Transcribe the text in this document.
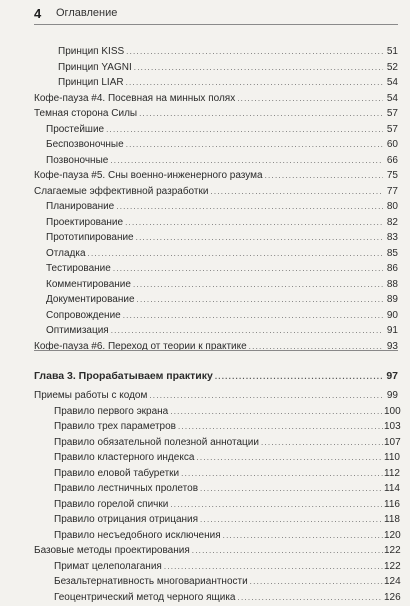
4 Оглавление
Принцип KISS . . .	51
Принцип YAGNI . . .	52
Принцип LIAR . . .	54
Кофе-пауза #4. Посевная на минных полях . . .	54
Темная сторона Силы . . .	57
Простейшие . . .	57
Беспозвоночные . . .	60
Позвоночные . . .	66
Кофе-пауза #5. Сны военно-инженерного разума . . .	75
Слагаемые эффективной разработки . . .	77
Планирование . . .	80
Проектирование . . .	82
Прототипирование . . .	83
Отладка . . .	85
Тестирование . . .	86
Комментирование . . .	88
Документирование . . .	89
Сопровождение . . .	90
Оптимизация . . .	91
Кофе-пауза #6. Переход от теории к практике . . .	93
Глава 3. Прорабатываем практику . . .	97
Приемы работы с кодом . . .	99
Правило первого экрана . . .	100
Правило трех параметров . . .	103
Правило обязательной полезной аннотации . . .	107
Правило кластерного индекса . . .	110
Правило еловой табуретки . . .	112
Правило лестничных пролетов . . .	114
Правило горелой спички . . .	116
Правило отрицания отрицания . . .	118
Правило несъедобного исключения . . .	120
Базовые методы проектирования . . .	122
Примат целеполагания . . .	122
Безальтернативность многовариантности . . .	124
Геоцентрический метод черного ящика . . .	126
